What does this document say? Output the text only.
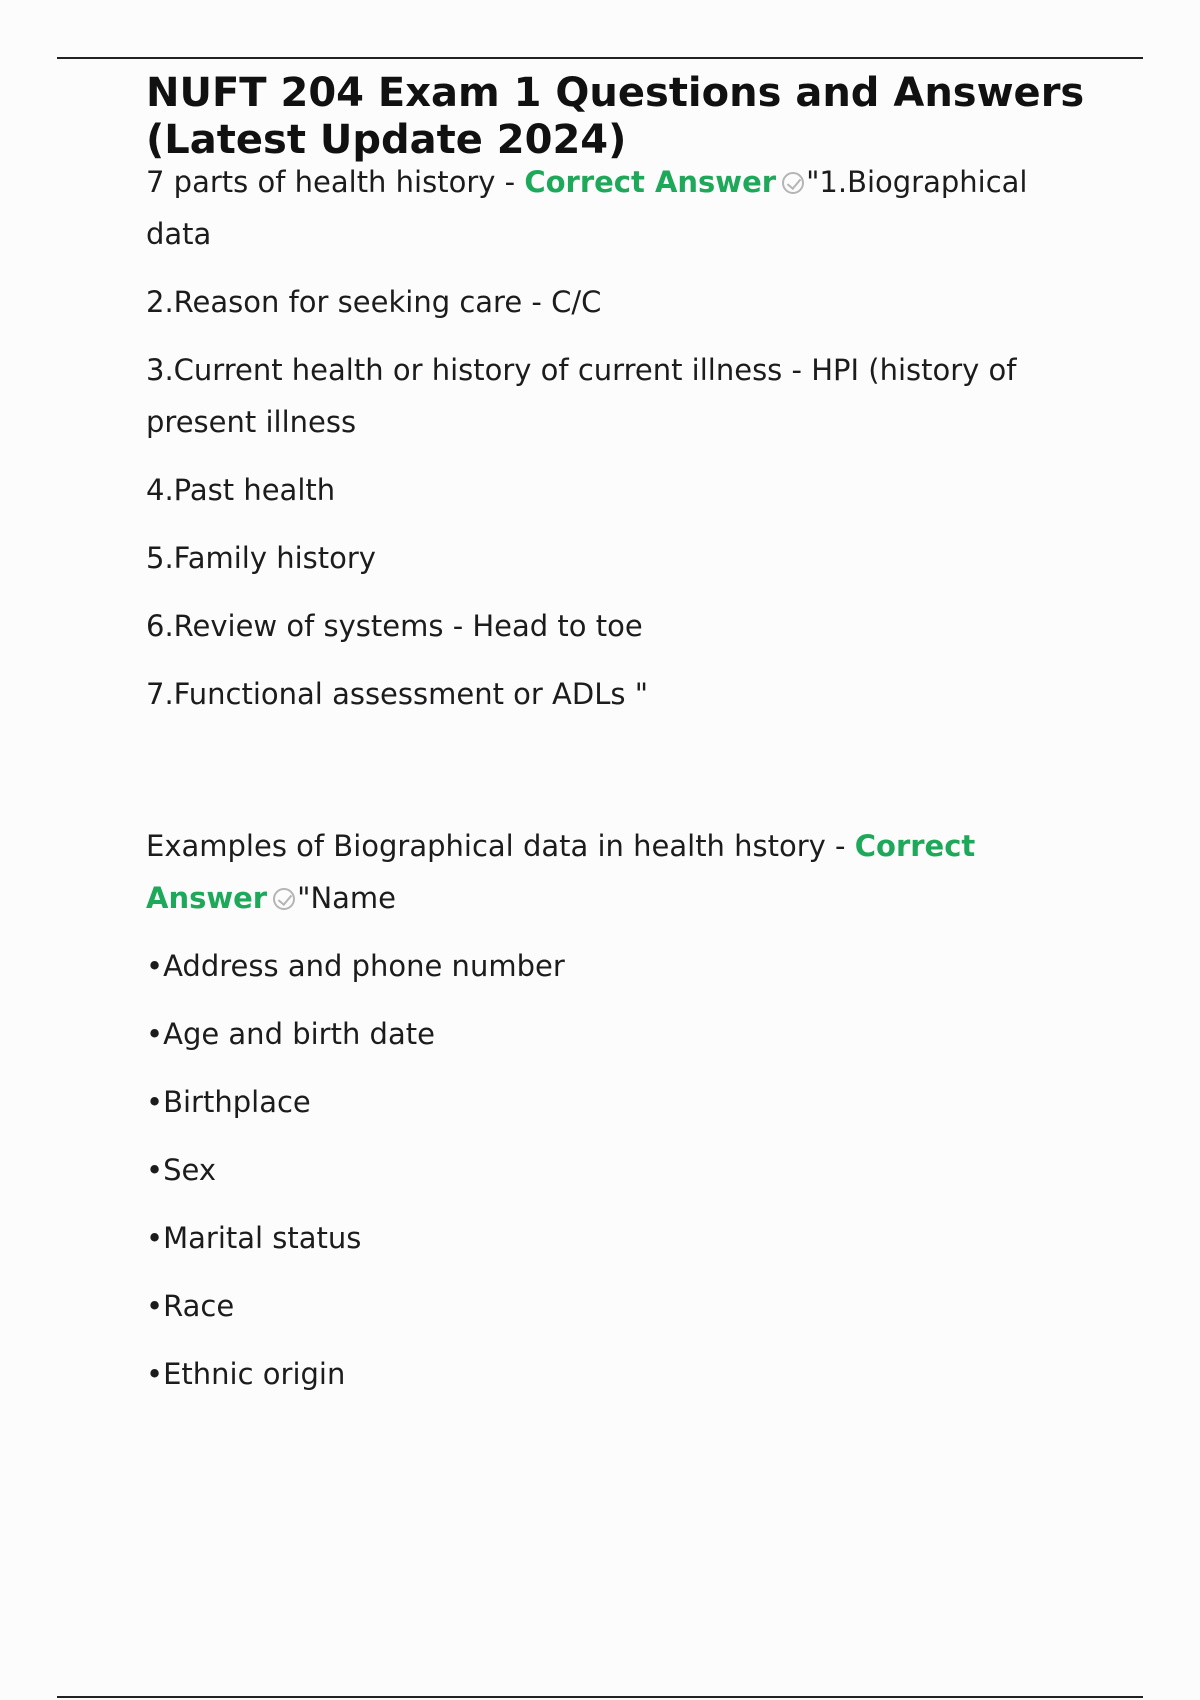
NUFT 204 Exam 1 Questions and Answers (Latest Update 2024)

7 parts of health history - Correct Answer "1.Biographical data

2.Reason for seeking care - C/C

3.Current health or history of current illness - HPI (history of present illness

4.Past health

5.Family history

6.Review of systems - Head to toe

7.Functional assessment or ADLs "

Examples of Biographical data in health hstory - Correct Answer "Name

•Address and phone number

•Age and birth date

•Birthplace

•Sex

•Marital status

•Race

•Ethnic origin
